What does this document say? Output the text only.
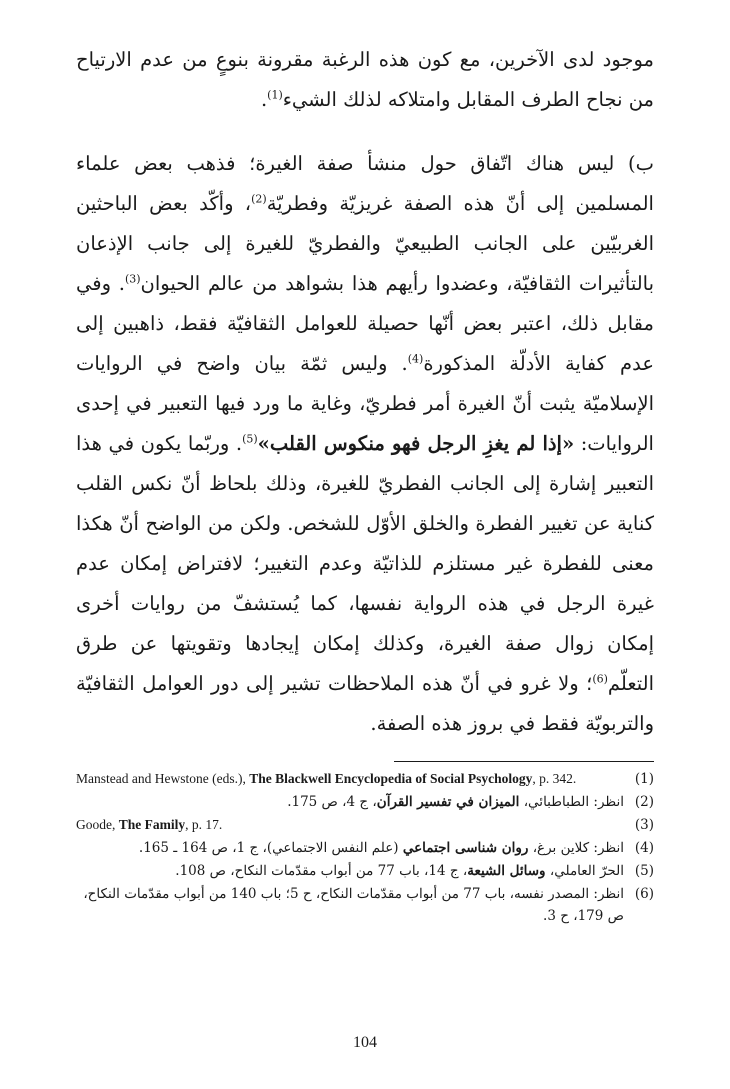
موجود لدى الآخرين، مع كون هذه الرغبة مقرونة بنوعٍ من عدم الارتياح من نجاح الطرف المقابل وامتلاكه لذلك الشيء$^{(1)}$.

ب) ليس هناك اتّفاق حول منشأ صفة الغيرة؛ فذهب بعض علماء المسلمين إلى أنّ هذه الصفة غريزيّة وفطريّة$^{(2)}$، وأكّد بعض الباحثين الغربيّين على الجانب الطبيعيّ والفطريّ للغيرة إلى جانب الإذعان بالتأثيرات الثقافيّة، وعضدوا رأيهم هذا بشواهد من عالم الحيوان$^{(3)}$. وفي مقابل ذلك، اعتبر بعض أنّها حصيلة للعوامل الثقافيّة فقط، ذاهبين إلى عدم كفاية الأدلّة المذكورة$^{(4)}$. وليس ثمّة بيان واضح في الروايات الإسلاميّة يثبت أنّ الغيرة أمر فطريّ، وغاية ما ورد فيها التعبير في إحدى الروايات: «إذا لم يغزِ الرجل فهو منكوس القلب»$^{(5)}$. وربّما يكون في هذا التعبير إشارة إلى الجانب الفطريّ للغيرة، وذلك بلحاظ أنّ نكس القلب كناية عن تغيير الفطرة والخلق الأوّل للشخص. ولكن من الواضح أنّ هكذا معنى للفطرة غير مستلزم للذاتيّة وعدم التغيير؛ لافتراض إمكان عدم غيرة الرجل في هذه الرواية نفسها، كما يُستشفّ من روايات أخرى إمكان زوال صفة الغيرة، وكذلك إمكان إيجادها وتقويتها عن طرق التعلّم$^{(6)}$؛ ولا غرو في أنّ هذه الملاحظات تشير إلى دور العوامل الثقافيّة والتربويّة فقط في بروز هذه الصفة.

Manstead and Hewstone (eds.), The Blackwell Encyclopedia of Social Psychology, p. 342.	(1)
(2)
انظر: الطباطبائي، الميزان في تفسير القرآن، ج 4، ص 175.
Goode, The Family, p. 17.	(3)
(4)
انظر: كلاين برغ، روان شناسى اجتماعي (علم النفس الاجتماعي)، ج 1، ص 164 ـ 165.
(5)
الحرّ العاملي، وسائل الشيعة، ج 14، باب 77 من أبواب مقدّمات النكاح، ص 108.
(6)
انظر: المصدر نفسه، باب 77 من أبواب مقدّمات النكاح، ح 5؛ باب 140 من أبواب مقدّمات النكاح، ص 179، ح 3.
104
